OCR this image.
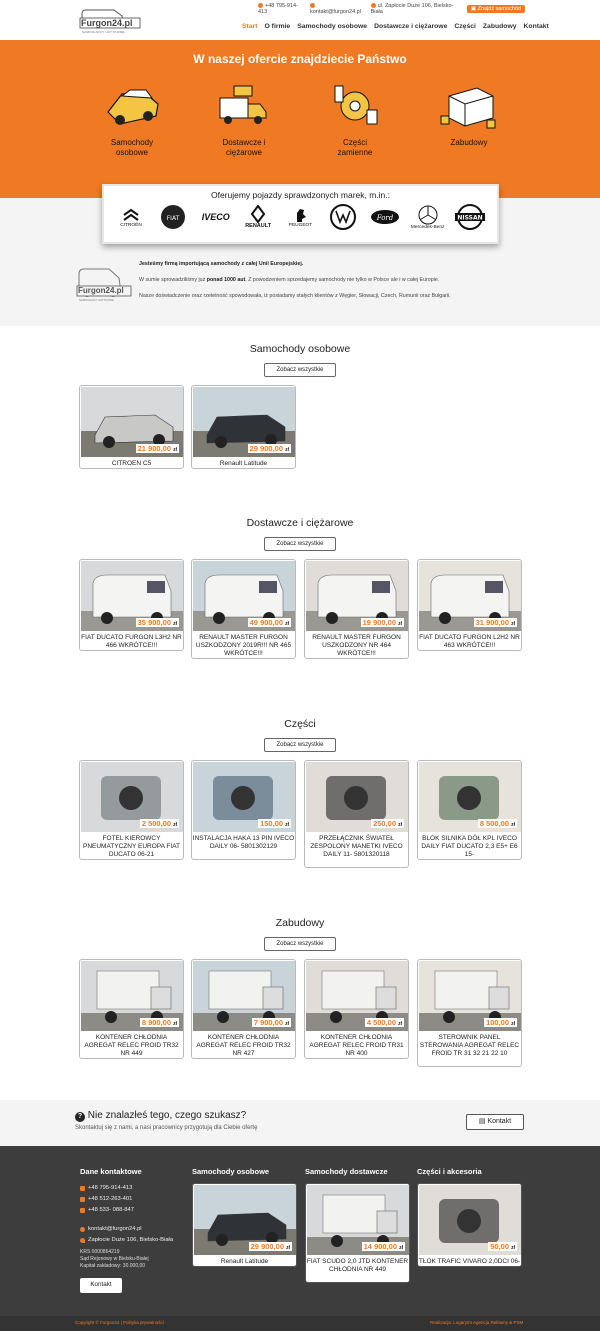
Furgon24.pl
SAMOCHODY UŻYTKOWE
+48 795-914-413	kontakt@furgon24.pl
ul. Zapłocie Duże 106, Bielsko-Biała	▣ Znajdź samochód
Start O firmie Samochody osobowe Dostawcze i ciężarowe Części Zabudowy Kontakt
W naszej ofercie znajdziecie Państwo
Samochody
osobowe
Dostawcze i
ciężarowe
Części
zamienne
Zabudowy
Oferujemy pojazdy sprawdzonych marek, m.in.:
CITROËN
FIAT IVECO
RENAULT	PEUGEOT
Ford
Mercedes-Benz
NISSAN
Furgon24.pl
SAMOCHODY UŻYTKOWE

Jesteśmy firmą importującą samochody z całej Unii Europejskiej.

W sumie sprowadziliśmy już ponad 1000 aut. Z powodzeniem sprzedajemy samochody nie tylko w Polsce ale i w całej Europie.

Nasze doświadczenie oraz rzetelność spowodowała, iż posiadamy stałych klientów z Węgier, Słowacji, Czech, Rumunii oraz Bułgarii.

Samochody osobowe
Zobacz wszystkie
21 900,00 zł
CITROEN C5
29 900,00 zł
Renault Latitude
Dostawcze i ciężarowe
Zobacz wszystkie
35 900,00 zł
FIAT DUCATO FURGON L3H2 NR 466 WKRÓTCE!!!
49 900,00 zł
RENAULT MASTER FURGON USZKODZONY 2019R!!! NR 465 WKRÓTCE!!!
19 900,00 zł
RENAULT MASTER FURGON USZKODZONY NR 464 WKRÓTCE!!!
31 900,00 zł
FIAT DUCATO FURGON L2H2 NR 463 WKRÓTCE!!!
Części
Zobacz wszystkie
2 500,00 zł
FOTEL KIEROWCY PNEUMATYCZNY EUROPA FIAT DUCATO 06-21
150,00 zł
INSTALACJA HAKA 13 PIN IVECO DAILY 06- 5801302129
250,00 zł
PRZEŁĄCZNIK ŚWIATEŁ ZESPOLONY MANETKI IVECO DAILY 11- 5801320118
8 500,00 zł
BLOK SILNIKA DÓŁ KPL IVECO DAILY FIAT DUCATO 2,3 E5+ E6 15-
Zabudowy
Zobacz wszystkie
8 900,00 zł
KONTENER CHŁODNIA AGREGAT RELEC FROID TR32 NR 449
7 900,00 zł
KONTENER CHŁODNIA AGREGAT RELEC FROID TR32 NR 427
4 500,00 zł
KONTENER CHŁODNIA AGREGAT RELEC FROID TR31 NR 400
100,00 zł
STEROWNIK PANEL STEROWANIA AGREGAT RELEC FROID TR 31 32 21 22 10
? Nie znalazłeś tego, czego szukasz?
Skontaktuj się z nami, a nasi pracownicy przygotują dla Ciebie ofertę
▤ Kontakt
Dane kontaktowe
+48 795-914-413
+48 512-263-401
+48 533- 088-847
kontakt@furgon24.pl
Zapłocie Duże 106, Bielsko-Biała
KRS 0000864219
Sąd Rejonowy w Bielsku-Białej
Kapitał zakładowy: 30.000,00
Kontakt
Samochody osobowe	Samochody dostawcze	Części i akcesoria
29 900,00 zł
Renault Latitude
14 900,00 zł
FIAT SCUDO 2,0 JTD KONTENER CHŁODNIA NR 449
50,00 zł
TŁOK TRAFIC VIVARO 2,0DCI 06-
Copyright © Furgon24 | Polityka prywatności	Realizacja: Logarytm Agencja Reklamy & PSM
